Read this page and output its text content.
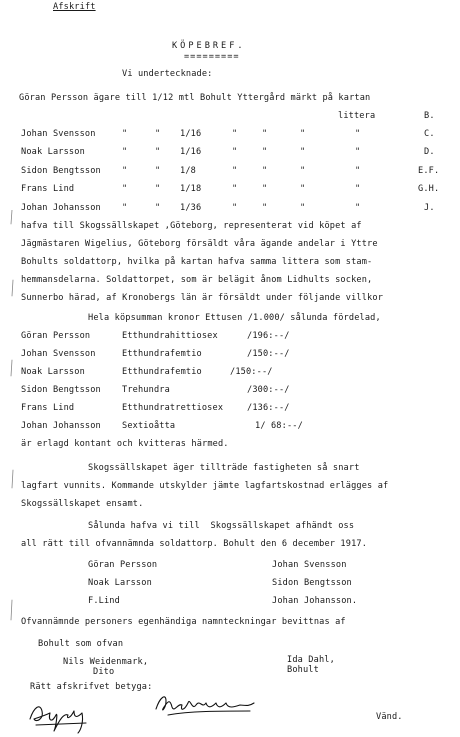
Afskrift
KÖPEBREF.
=========
Vi undertecknade:
Göran Persson ägare till 1/12 mtl Bohult Yttergård märkt på kartan
littera	B.
Johan Svensson	"	" 1/16	"	"	"	"	C.
Noak Larsson	"	" 1/16	"	"	"	"	D.
Sidon Bengtsson "	" 1/8	"	"	"	"	E.F.
Frans Lind	"	" 1/18	"	"	"	"	G.H.
Johan Johansson "	" 1/36	"	"	"	"	J.
hafva till Skogssällskapet ,Göteborg, representerat vid köpet af
Jägmästaren Wigelius, Göteborg försäldt våra ägande andelar i Yttre
Bohults soldattorp, hvilka på kartan hafva samma littera som stam-
hemmansdelarna. Soldattorpet, som är belägit ånom Lidhults socken,
Sunnerbo härad, af Kronobergs län är försäldt under följande villkor
Hela köpsumman kronor Ettusen /1.000/ sålunda fördelad,
Göran Persson	Etthundrahittiosex	/196:--/
Johan Svensson	Etthundrafemtio	/150:--/
Noak Larsson	Etthundrafemtio	/150:--/
Sidon Bengtsson Trehundra	/300:--/
Frans Lind	Etthundratrettiosex	/136:--/
Johan Johansson Sextioåtta	1/ 68:--/
är erlagd kontant och kvitteras härmed.
Skogssällskapet äger tillträde fastigheten så snart
lagfart vunnits. Kommande utskylder jämte lagfartskostnad erlägges af
Skogssällskapet ensamt.
Sålunda hafva vi till  Skogssällskapet afhändt oss
all rätt till ofvannämnda soldattorp. Bohult den 6 december 1917.
Göran Persson	Johan Svensson
Noak Larsson	Sidon Bengtsson
F.Lind	Johan Johansson.
Ofvannämnde personers egenhändiga namnteckningar bevittnas af
Bohult som ofvan
Nils Weidenmark,
Dito
Ida Dahl,
Bohult
Rätt afskrifvet betyga:
Vänd.
